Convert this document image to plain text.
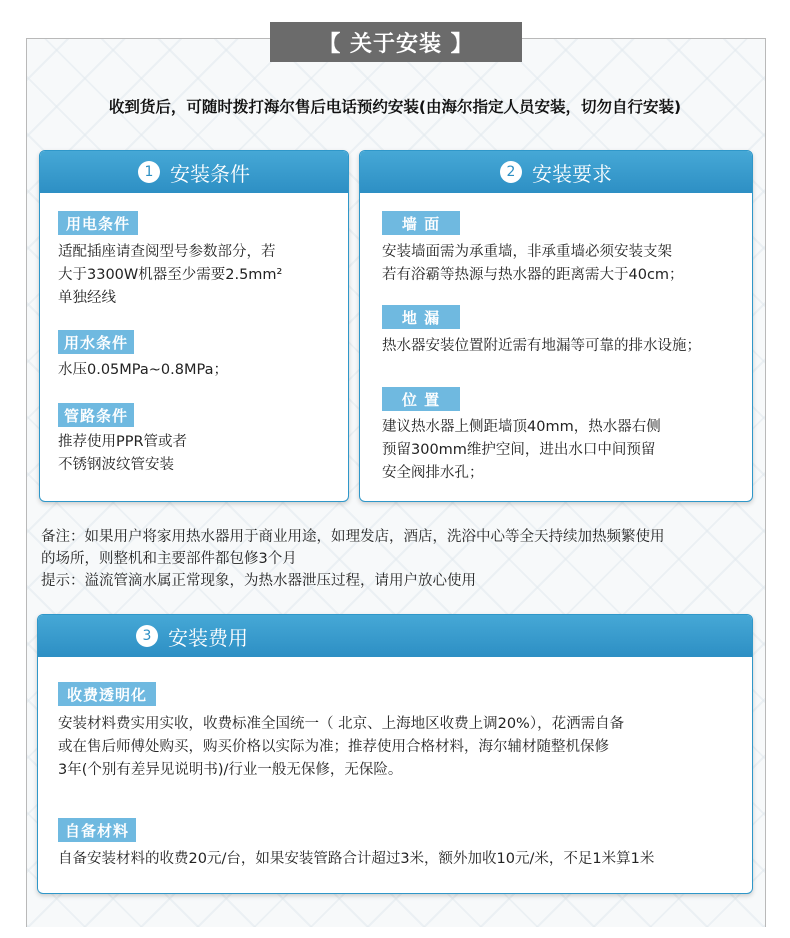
【 关于安装 】
收到货后，可随时拨打海尔售后电话预约安装(由海尔指定人员安装，切勿自行安装)
1 安装条件
用电条件
适配插座请查阅型号参数部分，若
大于3300W机器至少需要2.5mm²
单独经线
用水条件
水压0.05MPa~0.8MPa；
管路条件
推荐使用PPR管或者
不锈钢波纹管安装
2 安装要求
墙 面
安装墙面需为承重墙，非承重墙必须安装支架
若有浴霸等热源与热水器的距离需大于40cm；
地 漏
热水器安装位置附近需有地漏等可靠的排水设施；
位 置
建议热水器上侧距墙顶40mm，热水器右侧
预留300mm维护空间，进出水口中间预留
安全阀排水孔；
备注：如果用户将家用热水器用于商业用途，如理发店，酒店，洗浴中心等全天持续加热频繁使用
的场所，则整机和主要部件都包修3个月
提示：溢流管滴水属正常现象，为热水器泄压过程，请用户放心使用
3 安装费用
收费透明化
安装材料费实用实收，收费标准全国统一（ 北京、上海地区收费上调20%），花洒需自备
或在售后师傅处购买，购买价格以实际为准；推荐使用合格材料，海尔辅材随整机保修
3年(个别有差异见说明书)/行业一般无保修，无保险。
自备材料
自备安装材料的收费20元/台，如果安装管路合计超过3米，额外加收10元/米，不足1米算1米
